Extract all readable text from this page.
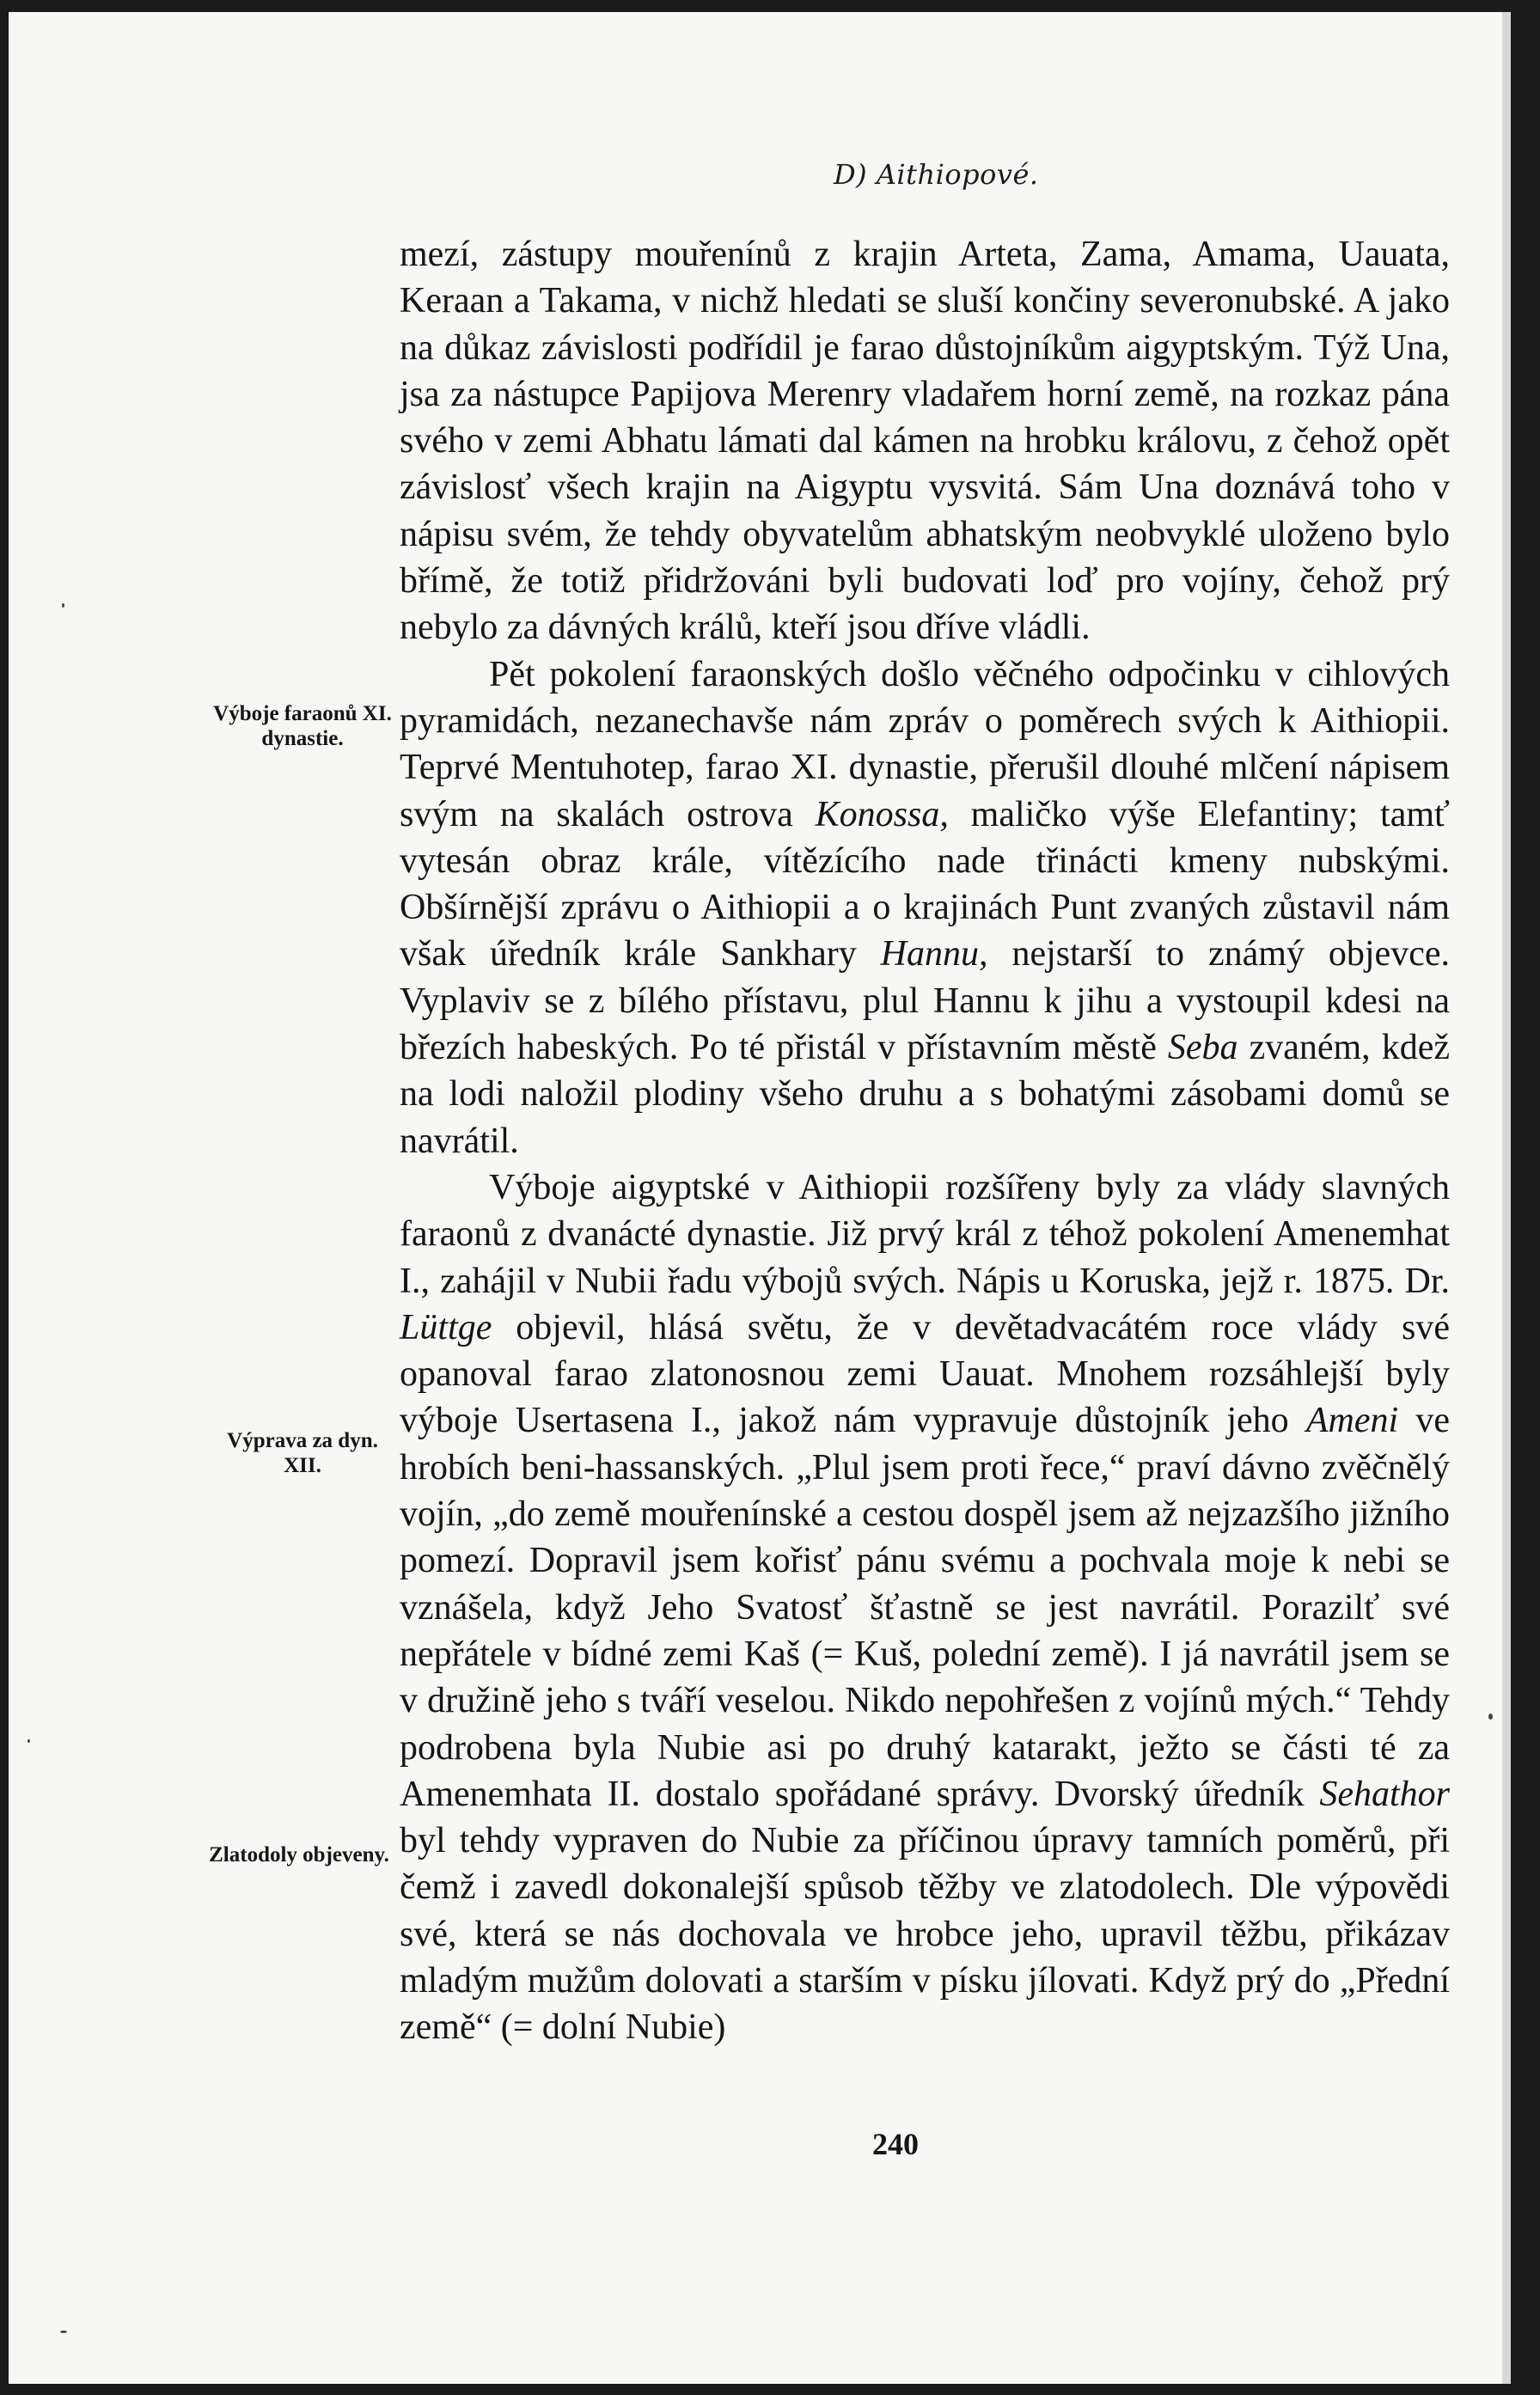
D) Aithiopové.
Výboje faraonů XI. dynastie.
Výprava za dyn. XII.
Zlatodoly objeveny.

mezí, zástupy mouřenínů z krajin Arteta, Zama, Amama, Uauata, Keraan a Takama, v nichž hledati se sluší končiny severonubské. A jako na důkaz závislosti podřídil je farao důstojníkům aigyptským. Týž Una, jsa za nástupce Papijova Merenry vladařem horní země, na rozkaz pána svého v zemi Abhatu lámati dal kámen na hrobku královu, z čehož opět závislosť všech krajin na Aigyptu vysvitá. Sám Una doznává toho v nápisu svém, že tehdy obyvatelům abhatským neobvyklé uloženo bylo břímě, že totiž přidržováni byli budovati loď pro vojíny, čehož prý nebylo za dávných králů, kteří jsou dříve vládli.

Pět pokolení faraonských došlo věčného odpočinku v cihlových pyramidách, nezanechavše nám zpráv o poměrech svých k Aithiopii. Teprvé Mentuhotep, farao XI. dynastie, přerušil dlouhé mlčení nápisem svým na skalách ostrova Konossa, maličko výše Elefantiny; tamť vytesán obraz krále, vítězícího nade třinácti kmeny nubskými. Obšírnější zprávu o Aithiopii a o krajinách Punt zvaných zůstavil nám však úředník krále Sankhary Hannu, nejstarší to známý objevce. Vyplaviv se z bílého přístavu, plul Hannu k jihu a vystoupil kdesi na březích habeských. Po té přistál v přístavním městě Seba zvaném, kdež na lodi naložil plodiny všeho druhu a s bohatými zásobami domů se navrátil.

Výboje aigyptské v Aithiopii rozšířeny byly za vlády slavných faraonů z dvanácté dynastie. Již prvý král z téhož pokolení Amenemhat I., zahájil v Nubii řadu výbojů svých. Nápis u Koruska, jejž r. 1875. Dr. Lüttge objevil, hlásá světu, že v devětadvacátém roce vlády své opanoval farao zlatonosnou zemi Uauat. Mnohem rozsáhlejší byly výboje Usertasena I., jakož nám vypravuje důstojník jeho Ameni ve hrobích beni-hassanských. „Plul jsem proti řece,“ praví dávno zvěčnělý vojín, „do země mouřenínské a cestou dospěl jsem až nejzazšího jižního pomezí. Dopravil jsem kořisť pánu svému a pochvala moje k nebi se vznášela, když Jeho Svatosť šťastně se jest navrátil. Porazilť své nepřátele v bídné zemi Kaš (= Kuš, polední země). I já navrátil jsem se v družině jeho s tváří veselou. Nikdo nepohřešen z vojínů mých.“ Tehdy podrobena byla Nubie asi po druhý katarakt, ježto se části té za Amenemhata II. dostalo spořádané správy. Dvorský úředník Sehathor byl tehdy vypraven do Nubie za příčinou úpravy tamních poměrů, při čemž i zavedl dokonalejší spůsob těžby ve zlatodolech. Dle výpovědi své, která se nás dochovala ve hrobce jeho, upravil těžbu, přikázav mladým mužům dolovati a starším v písku jílovati. Když prý do „Přední země“ (= dolní Nubie)

240
